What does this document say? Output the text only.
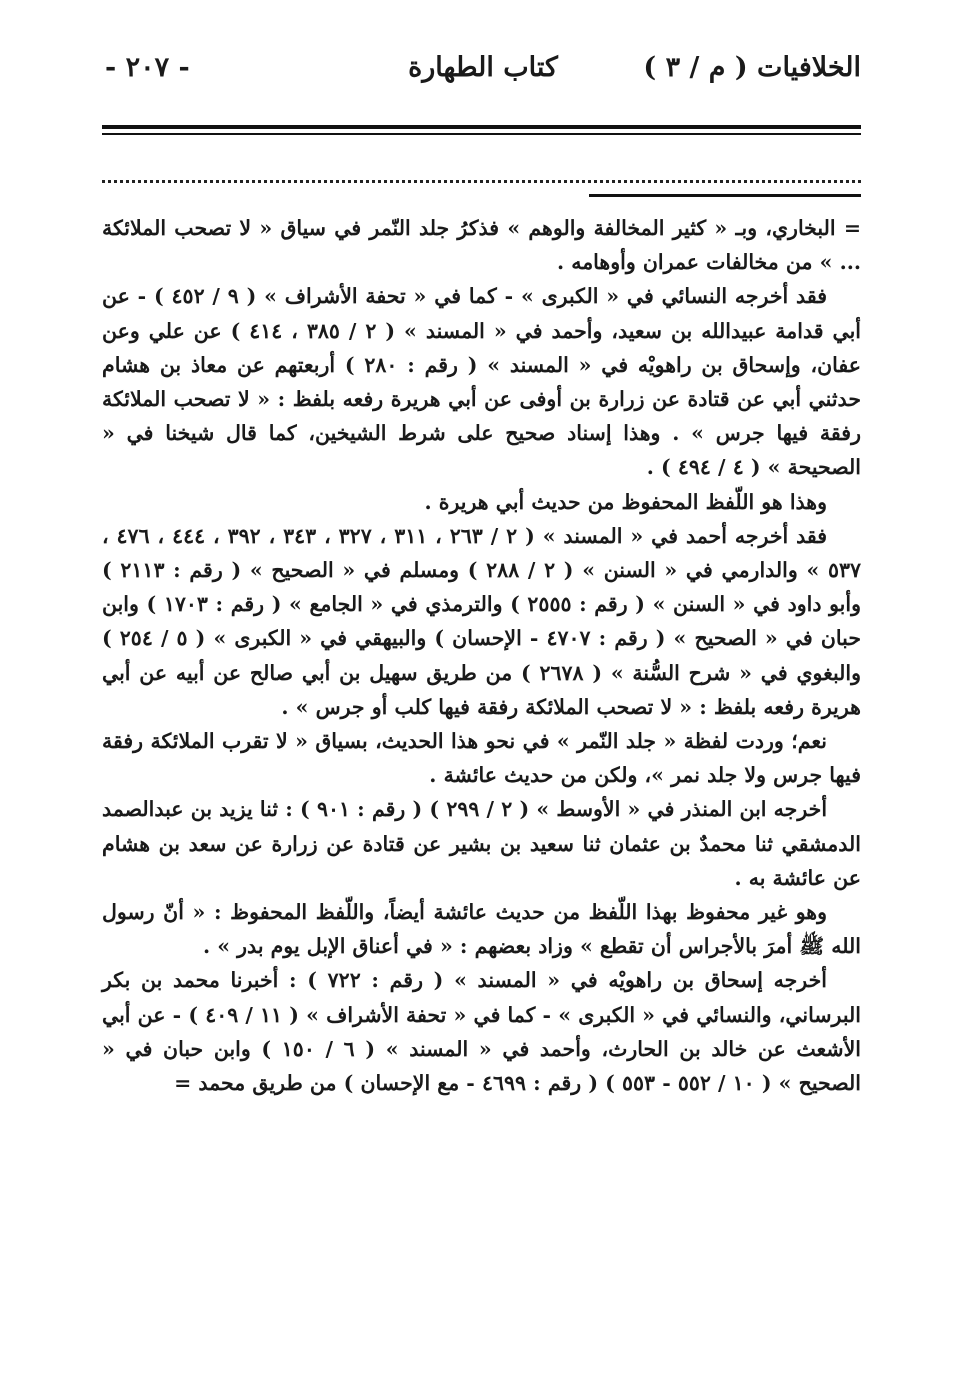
الخلافيات ( م / ٣ )
كتاب الطهارة
- ٢٠٧ -

= البخاري، وبـ « كثير المخالفة والوهم » فذكرُ جلد النّمر في سياق « لا تصحب الملائكة ... » من مخالفات عمران وأوهامه .

فقد أخرجه النسائي في « الكبرى » - كما في « تحفة الأشراف » ( ٩ / ٤٥٢ ) - عن أبي قدامة عبيدالله بن سعيد، وأحمد في « المسند » ( ٢ / ٣٨٥ ، ٤١٤ ) عن علي وعن عفان، وإسحاق بن راهويْه في « المسند » ( رقم : ٢٨٠ ) أربعتهم عن معاذ بن هشام حدثني أبي عن قتادة عن زرارة بن أوفى عن أبي هريرة رفعه بلفظ : « لا تصحب الملائكة رفقة فيها جرس » . وهذا إسناد صحيح على شرط الشيخين، كما قال شيخنا في « الصحيحة » ( ٤ / ٤٩٤ ) .

وهذا هو اللّفظ المحفوظ من حديث أبي هريرة .

فقد أخرجه أحمد في « المسند » ( ٢ / ٢٦٣ ، ٣١١ ، ٣٢٧ ، ٣٤٣ ، ٣٩٢ ، ٤٤٤ ، ٤٧٦ ، ٥٣٧ » والدارمي في « السنن » ( ٢ / ٢٨٨ ) ومسلم في « الصحيح » ( رقم : ٢١١٣ ) وأبو داود في « السنن » ( رقم : ٢٥٥٥ ) والترمذي في « الجامع » ( رقم : ١٧٠٣ ) وابن حبان في « الصحيح » ( رقم : ٤٧٠٧ - الإحسان ) والبيهقي في « الكبرى » ( ٥ / ٢٥٤ ) والبغوي في « شرح السُّنة » ( ٢٦٧٨ ) من طريق سهيل بن أبي صالح عن أبيه عن أبي هريرة رفعه بلفظ : « لا تصحب الملائكة رفقة فيها كلب أو جرس » .

نعم؛ وردت لفظة « جلد النّمر » في نحو هذا الحديث، بسياق « لا تقرب الملائكة رفقة فيها جرس ولا جلد نمر »، ولكن من حديث عائشة .

أخرجه ابن المنذر في « الأوسط » ( ٢ / ٢٩٩ ) ( رقم : ٩٠١ ) : ثنا يزيد بن عبدالصمد الدمشقي ثنا محمدٌ بن عثمان ثنا سعيد بن بشير عن قتادة عن زرارة عن سعد بن هشام عن عائشة به .

وهو غير محفوظ بهذا اللّفظ من حديث عائشة أيضاً، واللّفظ المحفوظ : « أنّ رسول الله ﷺ أمرَ بالأجراس أن تقطع » وزاد بعضهم : « في أعناق الإبل يوم بدر » .

أخرجه إسحاق بن راهويْه في « المسند » ( رقم : ٧٢٢ ) : أخبرنا محمد بن بكر البرساني، والنسائي في « الكبرى » - كما في « تحفة الأشراف » ( ١١ / ٤٠٩ ) - عن أبي الأشعث عن خالد بن الحارث، وأحمد في « المسند » ( ٦ / ١٥٠ ) وابن حبان في « الصحيح » ( ١٠ / ٥٥٢ - ٥٥٣ ) ( رقم : ٤٦٩٩ - مع الإحسان ) من طريق محمد =
